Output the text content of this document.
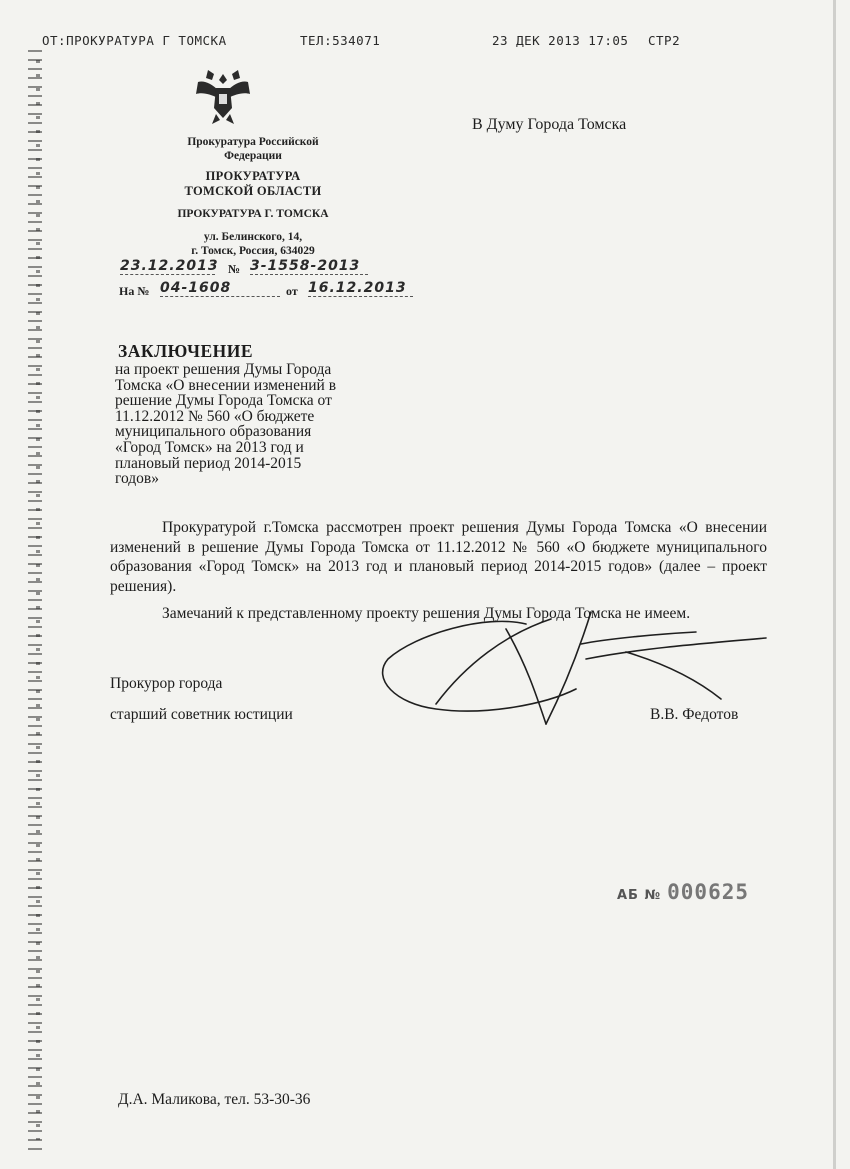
ОТ:ПРОКУРАТУРА Г ТОМСКА	ТЕЛ:534071	23 ДЕК 2013 17:05 СТР2
Прокуратура Российской
Федерации
ПРОКУРАТУРА
ТОМСКОЙ ОБЛАСТИ
ПРОКУРАТУРА Г. ТОМСКА
ул. Белинского, 14,
г. Томск, Россия, 634029
23.12.2013 № 3-1558-2013
На № 04-1608	от 16.12.2013
В Думу Города Томска
ЗАКЛЮЧЕНИЕ
на проект решения Думы Города
Томска «О внесении изменений в
решение Думы Города Томска от
11.12.2012 № 560 «О бюджете
муниципального образования
«Город Томск» на 2013 год и
плановый период 2014-2015
годов»
Прокуратурой г.Томска рассмотрен проект решения Думы Города Томска «О внесении изменений в решение Думы Города Томска от 11.12.2012 № 560 «О бюджете муниципального образования «Город Томск» на 2013 год и плановый период 2014-2015 годов» (далее – проект решения).
Замечаний к представленному проекту решения Думы Города Томска не имеем.
Прокурор города
старший советник юстиции	В.В. Федотов
АБ № 000625
Д.А. Маликова, тел. 53-30-36
